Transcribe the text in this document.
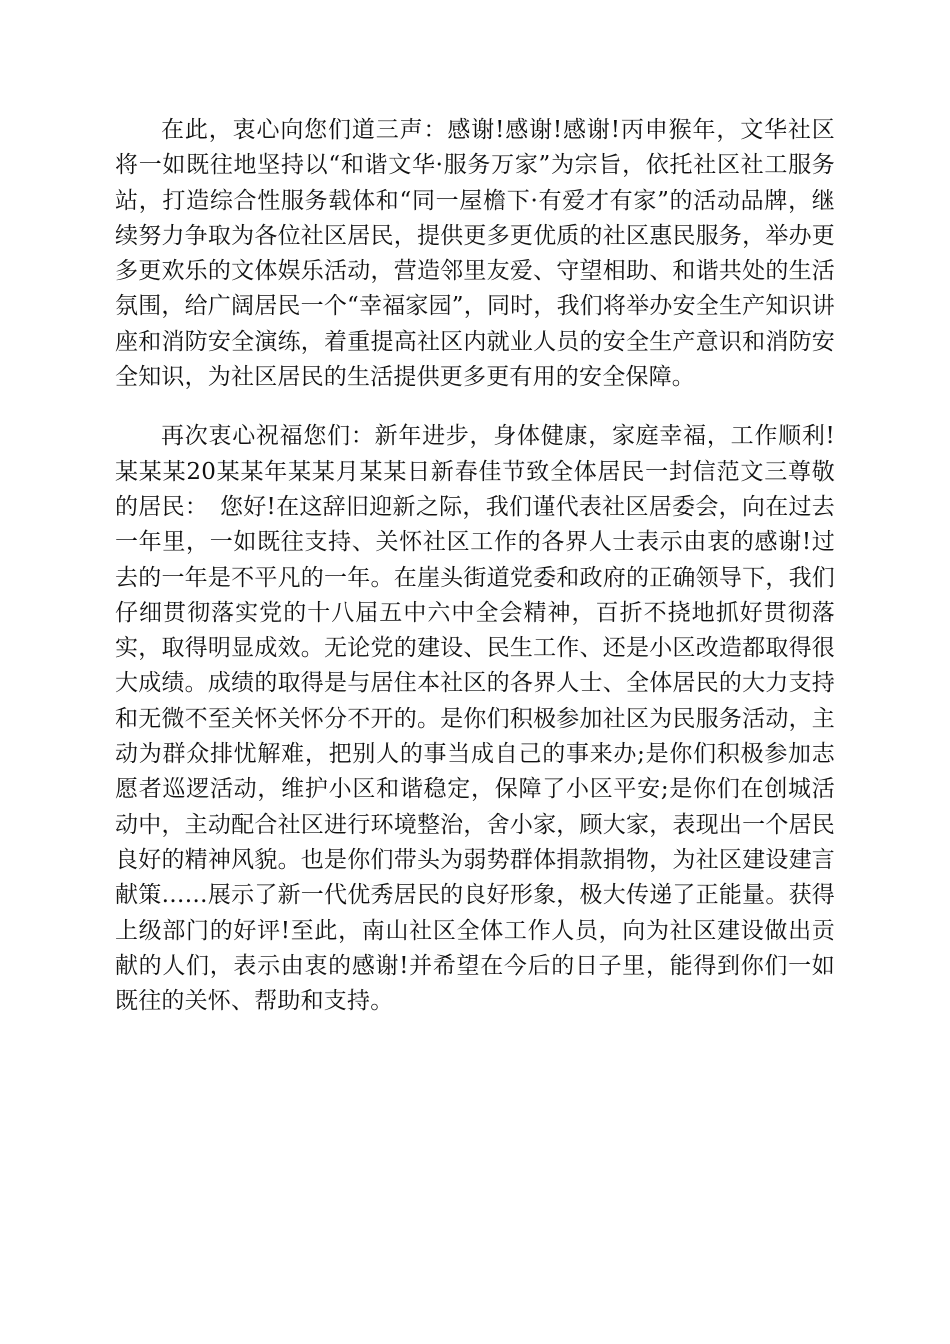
在此，衷心向您们道三声：感谢!感谢!感谢!丙申猴年，文华社区将一如既往地坚持以“和谐文华·服务万家”为宗旨，依托社区社工服务站，打造综合性服务载体和“同一屋檐下·有爱才有家”的活动品牌，继续努力争取为各位社区居民，提供更多更优质的社区惠民服务，举办更多更欢乐的文体娱乐活动，营造邻里友爱、守望相助、和谐共处的生活氛围，给广阔居民一个“幸福家园”，同时，我们将举办安全生产知识讲座和消防安全演练，着重提高社区内就业人员的安全生产意识和消防安全知识，为社区居民的生活提供更多更有用的安全保障。

再次衷心祝福您们：新年进步，身体健康，家庭幸福，工作顺利!某某某20某某年某某月某某日新春佳节致全体居民一封信范文三尊敬的居民：　您好!在这辞旧迎新之际，我们谨代表社区居委会，向在过去一年里，一如既往支持、关怀社区工作的各界人士表示由衷的感谢!过去的一年是不平凡的一年。在崖头街道党委和政府的正确领导下，我们仔细贯彻落实党的十八届五中六中全会精神，百折不挠地抓好贯彻落实，取得明显成效。无论党的建设、民生工作、还是小区改造都取得很大成绩。成绩的取得是与居住本社区的各界人士、全体居民的大力支持和无微不至关怀关怀分不开的。是你们积极参加社区为民服务活动，主动为群众排忧解难，把别人的事当成自己的事来办;是你们积极参加志愿者巡逻活动，维护小区和谐稳定，保障了小区平安;是你们在创城活动中，主动配合社区进行环境整治，舍小家，顾大家，表现出一个居民良好的精神风貌。也是你们带头为弱势群体捐款捐物，为社区建设建言献策……展示了新一代优秀居民的良好形象，极大传递了正能量。获得上级部门的好评!至此，南山社区全体工作人员，向为社区建设做出贡献的人们，表示由衷的感谢!并希望在今后的日子里，能得到你们一如既往的关怀、帮助和支持。
